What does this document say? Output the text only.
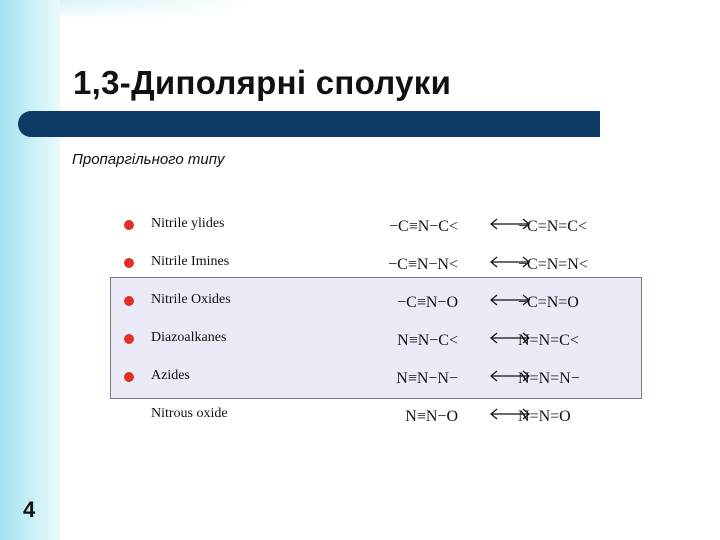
1,3-Диполярні сполуки
Пропаргільного типу
Nitrile ylides	−C≡N−C<	−C=N=C<
Nitrile Imines	−C≡N−N<	−C=N=N<
Nitrile Oxides	−C≡N−O	−C=N=O
Diazoalkanes	N≡N−C<	N=N=C<
Azides	N≡N−N−	N=N=N−
Nitrous oxide	N≡N−O	N=N=O
4
